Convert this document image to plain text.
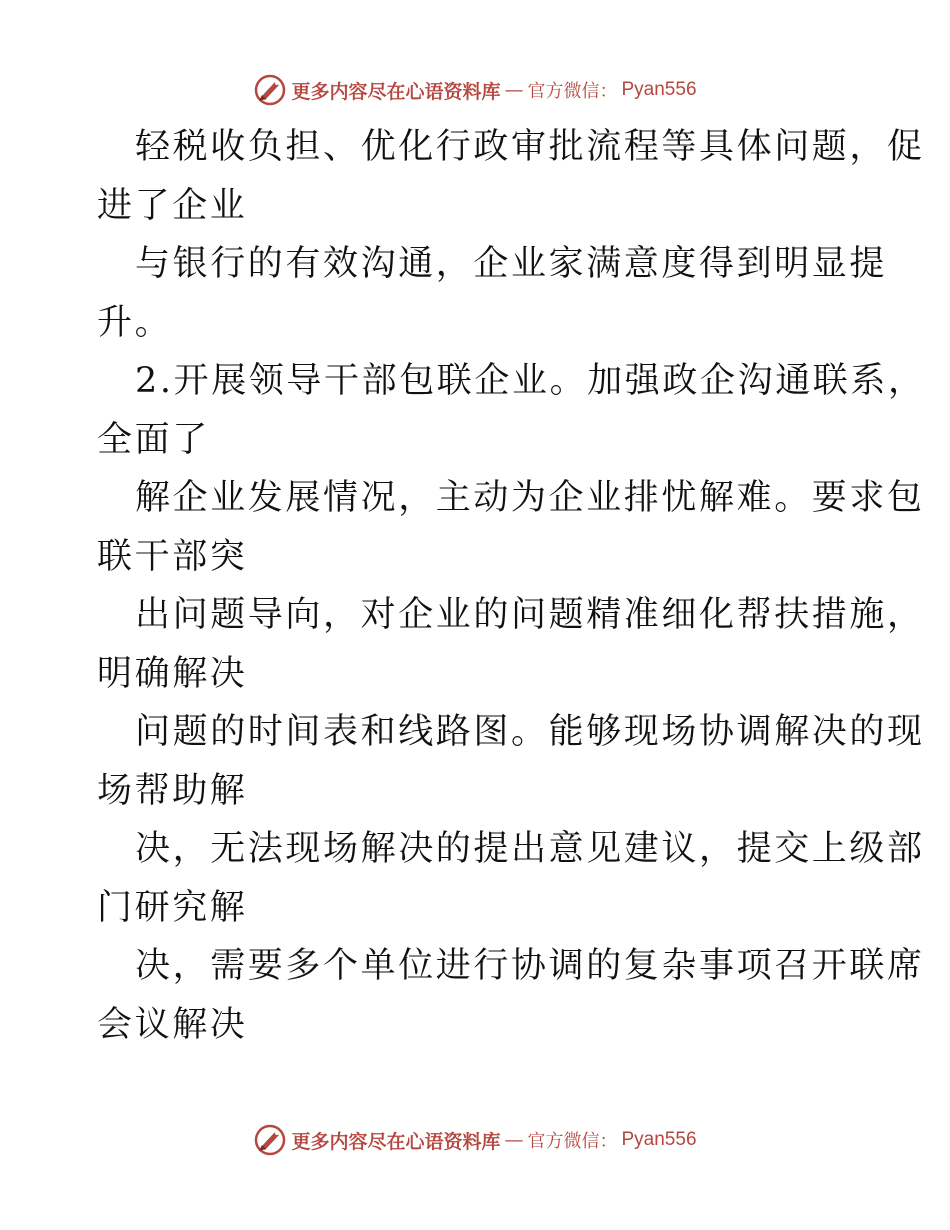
更多内容尽在心语资料库 — 官方微信： Pyan556
轻税收负担、优化行政审批流程等具体问题，促
进了企业
与银行的有效沟通，企业家满意度得到明显提
升。
2.开展领导干部包联企业。加强政企沟通联系，
全面了
解企业发展情况，主动为企业排忧解难。要求包
联干部突
出问题导向，对企业的问题精准细化帮扶措施，
明确解决
问题的时间表和线路图。能够现场协调解决的现
场帮助解
决，无法现场解决的提出意见建议，提交上级部
门研究解
决，需要多个单位进行协调的复杂事项召开联席
会议解决
更多内容尽在心语资料库 — 官方微信： Pyan556
